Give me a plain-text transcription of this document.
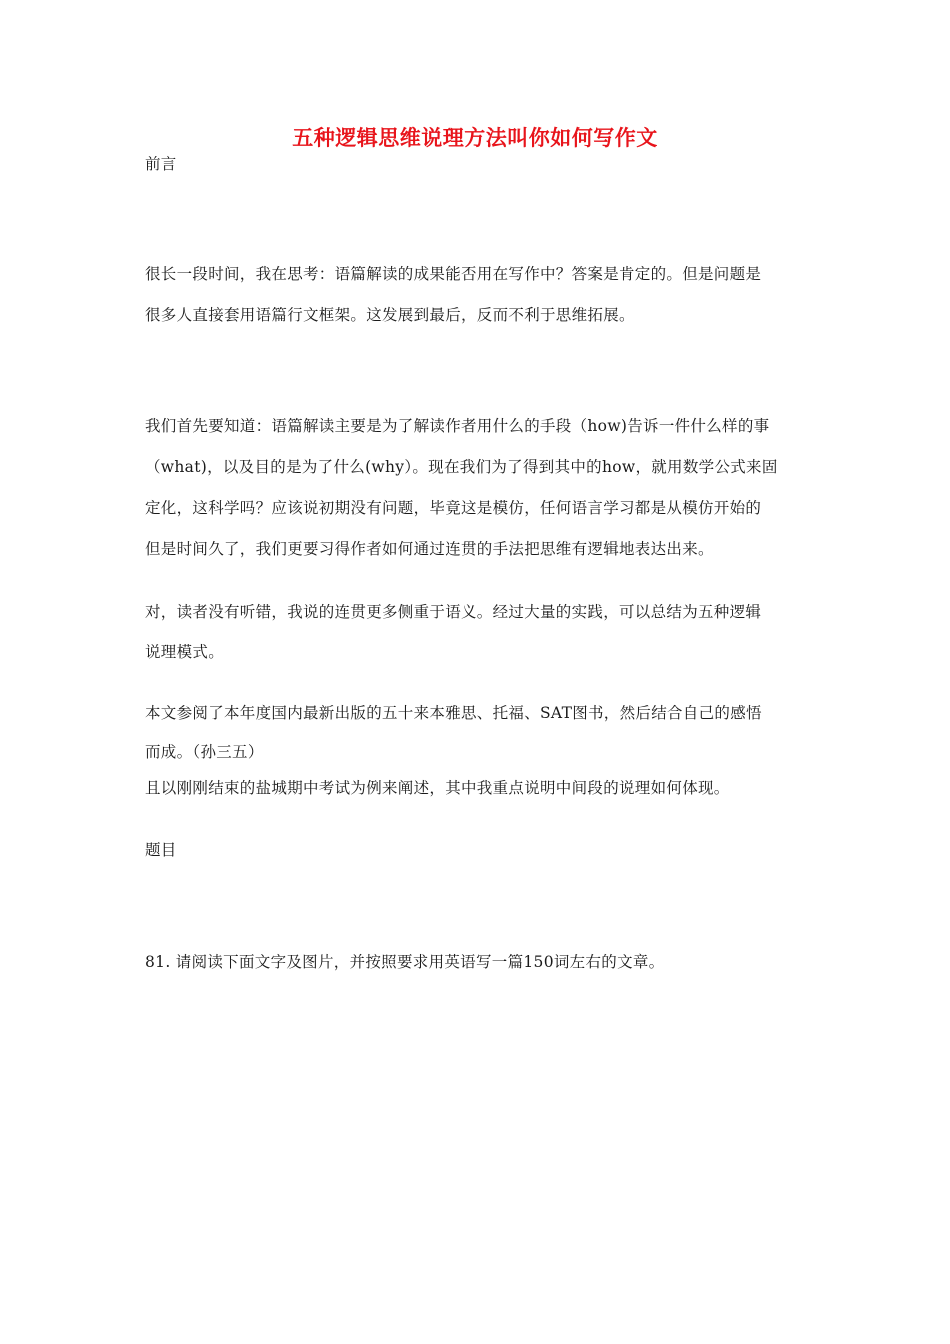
五种逻辑思维说理方法叫你如何写作文
前言
很长一段时间，我在思考：语篇解读的成果能否用在写作中？答案是肯定的。但是问题是
很多人直接套用语篇行文框架。这发展到最后，反而不利于思维拓展。
我们首先要知道：语篇解读主要是为了解读作者用什么的手段（how)告诉一件什么样的事
（what)，以及目的是为了什么(why）。现在我们为了得到其中的how，就用数学公式来固
定化，这科学吗？应该说初期没有问题，毕竟这是模仿，任何语言学习都是从模仿开始的
但是时间久了，我们更要习得作者如何通过连贯的手法把思维有逻辑地表达出来。
对，读者没有听错，我说的连贯更多侧重于语义。经过大量的实践，可以总结为五种逻辑
说理模式。
本文参阅了本年度国内最新出版的五十来本雅思、托福、SAT图书，然后结合自己的感悟
而成。（孙三五）
且以刚刚结束的盐城期中考试为例来阐述，其中我重点说明中间段的说理如何体现。
题目
81. 请阅读下面文字及图片，并按照要求用英语写一篇150词左右的文章。
